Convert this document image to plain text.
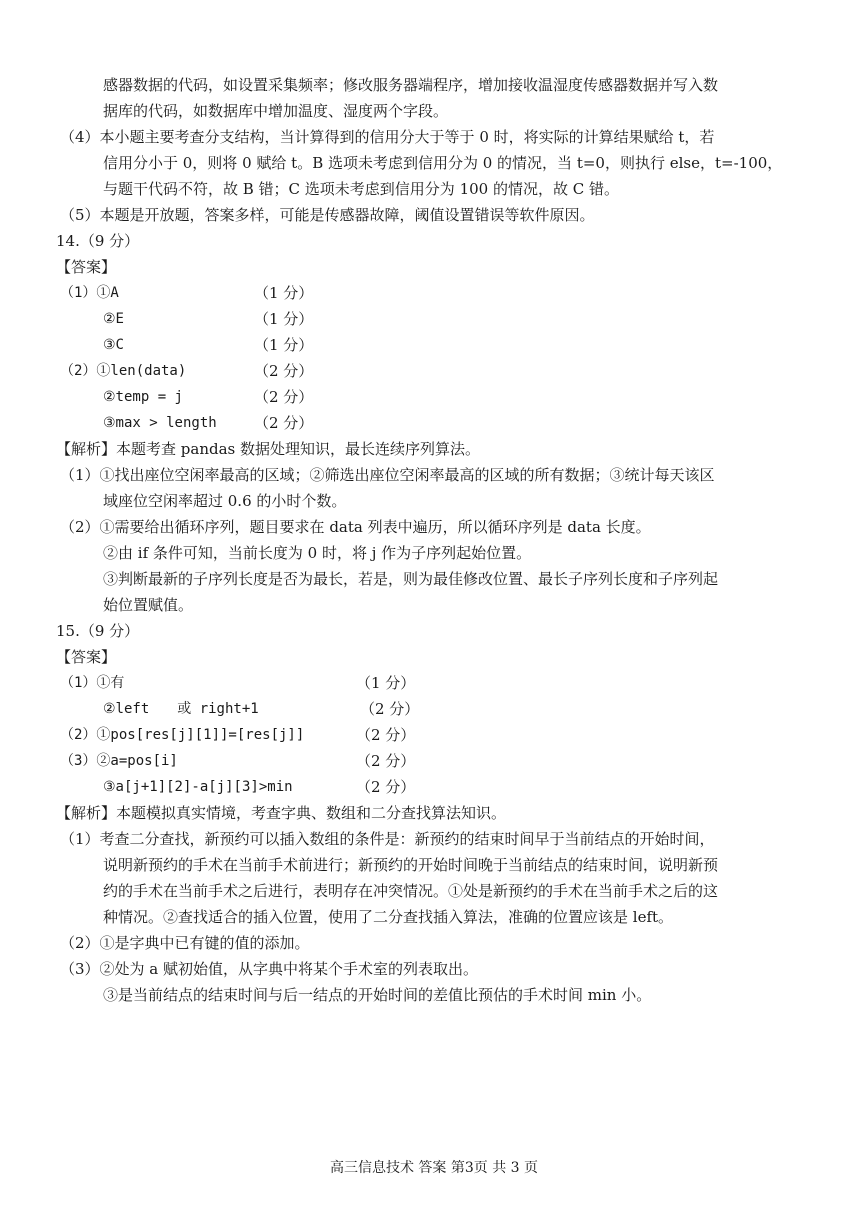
感器数据的代码，如设置采集频率；修改服务器端程序，增加接收温湿度传感器数据并写入数
据库的代码，如数据库中增加温度、湿度两个字段。
（4）本小题主要考查分支结构，当计算得到的信用分大于等于 0 时，将实际的计算结果赋给 t，若
信用分小于 0，则将 0 赋给 t。B 选项未考虑到信用分为 0 的情况，当 t=0，则执行 else，t=-100，
与题干代码不符，故 B 错；C 选项未考虑到信用分为 100 的情况，故 C 错。
（5）本题是开放题，答案多样，可能是传感器故障，阈值设置错误等软件原因。
14.（9 分）
【答案】
（1）①A	（1 分）
②E	（1 分）
③C	（1 分）
（2）①len(data)	（2 分）
②temp = j	（2 分）
③max > length （2 分）
【解析】本题考查 pandas 数据处理知识，最长连续序列算法。
（1）①找出座位空闲率最高的区域；②筛选出座位空闲率最高的区域的所有数据；③统计每天该区
域座位空闲率超过 0.6 的小时个数。
（2）①需要给出循环序列，题目要求在 data 列表中遍历，所以循环序列是 data 长度。
②由 if 条件可知，当前长度为 0 时，将 j 作为子序列起始位置。
③判断最新的子序列长度是否为最长，若是，则为最佳修改位置、最长子序列长度和子序列起
始位置赋值。
15.（9 分）
【答案】
（1）①有	（1 分）
②left　　或 right+1	（2 分）
（2）①pos[res[j][1]]=[res[j]]	（2 分）
（3）②a=pos[i]	（2 分）
③a[j+1][2]-a[j][3]>min	（2 分）
【解析】本题模拟真实情境，考查字典、数组和二分查找算法知识。
（1）考查二分查找，新预约可以插入数组的条件是：新预约的结束时间早于当前结点的开始时间，
说明新预约的手术在当前手术前进行；新预约的开始时间晚于当前结点的结束时间，说明新预
约的手术在当前手术之后进行，表明存在冲突情况。①处是新预约的手术在当前手术之后的这
种情况。②查找适合的插入位置，使用了二分查找插入算法，准确的位置应该是 left。
（2）①是字典中已有键的值的添加。
（3）②处为 a 赋初始值，从字典中将某个手术室的列表取出。
③是当前结点的结束时间与后一结点的开始时间的差值比预估的手术时间 min 小。
高三信息技术 答案 第3页 共 3 页
